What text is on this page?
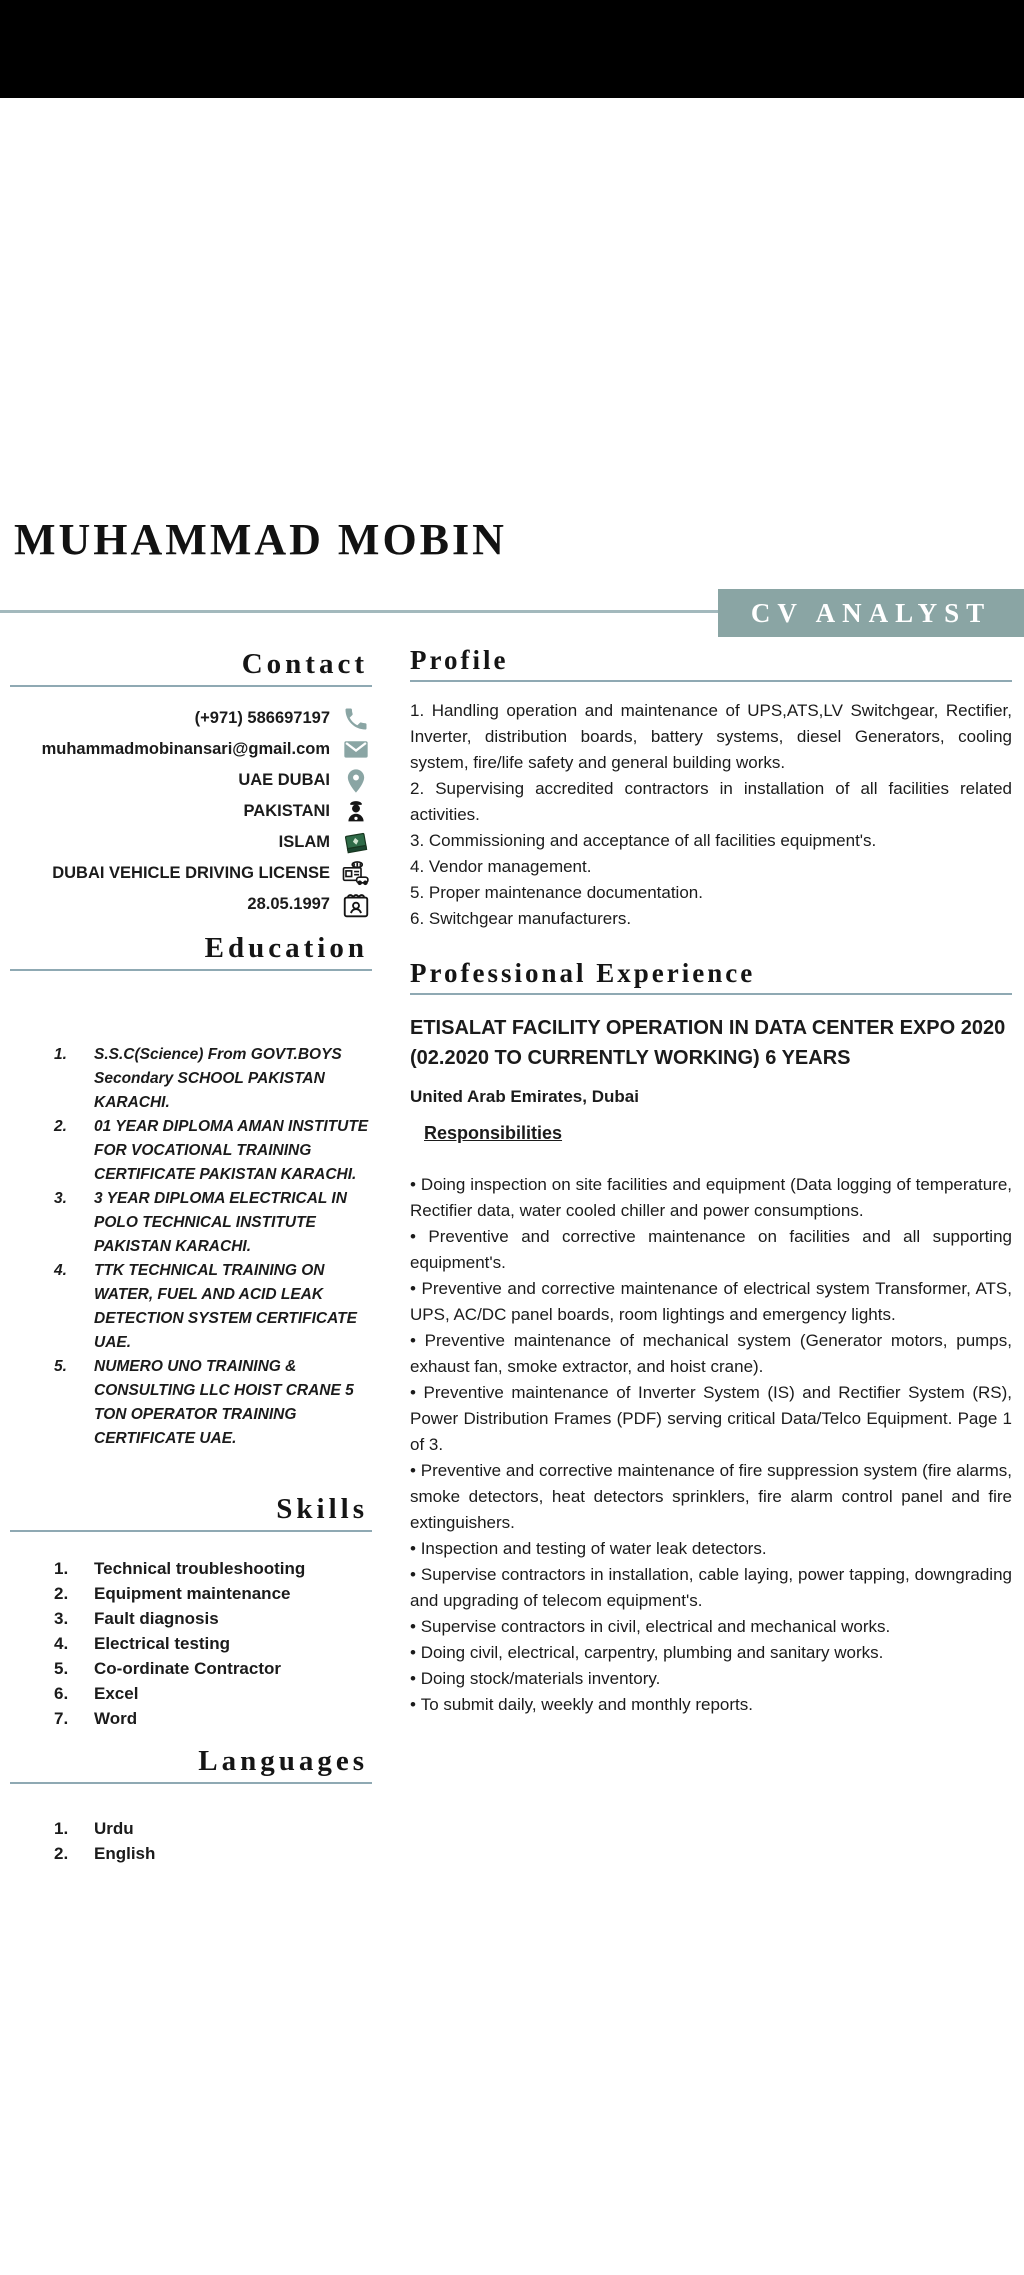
MUHAMMAD MOBIN
CV ANALYST
Contact
(+971) 586697197
muhammadmobinansari@gmail.com
UAE DUBAI
PAKISTANI
ISLAM
DUBAI VEHICLE DRIVING LICENSE
28.05.1997
Education
S.S.C(Science) From GOVT.BOYS Secondary SCHOOL PAKISTAN KARACHI.
01 YEAR DIPLOMA AMAN INSTITUTE FOR VOCATIONAL TRAINING CERTIFICATE PAKISTAN KARACHI.
3 YEAR DIPLOMA ELECTRICAL IN POLO TECHNICAL INSTITUTE PAKISTAN KARACHI.
TTK TECHNICAL TRAINING ON WATER, FUEL AND ACID LEAK DETECTION SYSTEM CERTIFICATE UAE.
NUMERO UNO TRAINING & CONSULTING LLC HOIST CRANE 5 TON OPERATOR TRAINING CERTIFICATE UAE.
Skills
Technical troubleshooting
Equipment maintenance
Fault diagnosis
Electrical testing
Co-ordinate Contractor
Excel
Word
Languages
Urdu
English
Profile

1. Handling operation and maintenance of UPS,ATS,LV Switchgear, Rectifier, Inverter, distribution boards, battery systems, diesel Generators, cooling system, fire/life safety and general building works.

2. Supervising accredited contractors in installation of all facilities related activities.

3. Commissioning and acceptance of all facilities equipment's.

4. Vendor management.

5. Proper maintenance documentation.

6. Switchgear manufacturers.

Professional Experience
ETISALAT FACILITY OPERATION IN DATA CENTER EXPO 2020 (02.2020 TO CURRENTLY WORKING) 6 YEARS
United Arab Emirates, Dubai
Responsibilities

• Doing inspection on site facilities and equipment (Data logging of temperature, Rectifier data, water cooled chiller and power consumptions.

• Preventive and corrective maintenance on facilities and all supporting equipment's.

• Preventive and corrective maintenance of electrical system Transformer, ATS, UPS, AC/DC panel boards, room lightings and emergency lights.

• Preventive maintenance of mechanical system (Generator motors, pumps, exhaust fan, smoke extractor, and hoist crane).

• Preventive maintenance of Inverter System (IS) and Rectifier System (RS), Power Distribution Frames (PDF) serving critical Data/Telco Equipment. Page 1 of 3.

• Preventive and corrective maintenance of fire suppression system (fire alarms, smoke detectors, heat detectors sprinklers, fire alarm control panel and fire extinguishers.

• Inspection and testing of water leak detectors.

• Supervise contractors in installation, cable laying, power tapping, downgrading and upgrading of telecom equipment's.

• Supervise contractors in civil, electrical and mechanical works.

• Doing civil, electrical, carpentry, plumbing and sanitary works.

• Doing stock/materials inventory.

• To submit daily, weekly and monthly reports.
